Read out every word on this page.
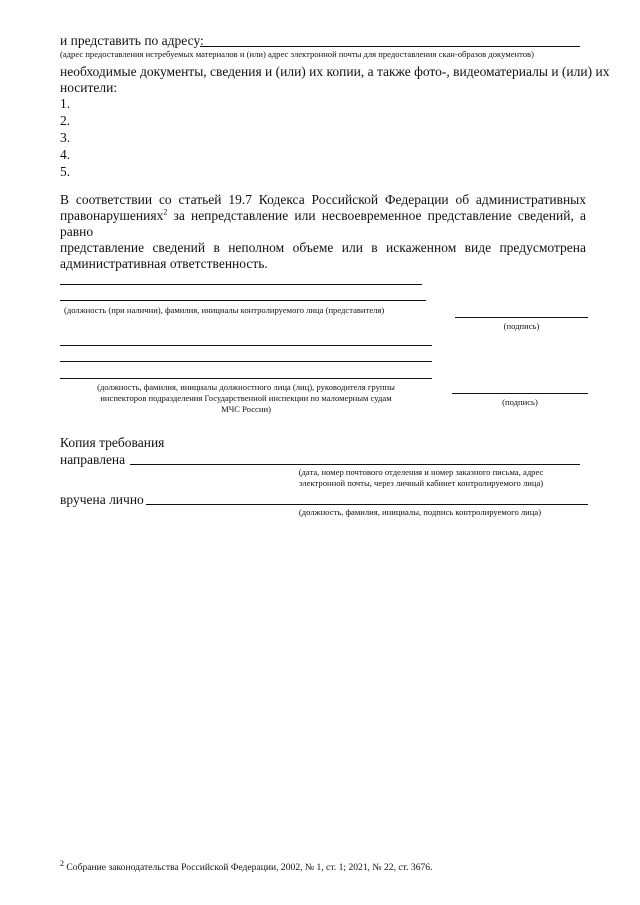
и представить по адресу:
(адрес предоставления истребуемых материалов и (или) адрес электронной почты для предоставления скан-образов документов)
необходимые документы, сведения и (или) их копии, а также фото-, видеоматериалы и (или) их
носители:
1.
2.
3.
4.
5.
В соответствии со статьей 19.7 Кодекса Российской Федерации об административных
правонарушениях$^2$ за непредставление или несвоевременное представление сведений, а равно
представление сведений в неполном объеме или в искаженном виде предусмотрена
административная ответственность.
(должность (при наличии), фамилия, инициалы контролируемого лица (представителя)
(подпись)
(должность, фамилия, инициалы должностного лица (лиц), руководителя группы
инспекторов подразделения Государственной инспекции по маломерным судам
МЧС России)
(подпись)
Копия требования
направлена
(дата, номер почтового отделения и номер заказного письма, адрес
электронной почты, через личный кабинет контролируемого лица)
вручена лично
(должность, фамилия, инициалы, подпись контролируемого лица)
$^2$ Собрание законодательства Российской Федерации, 2002, № 1, ст. 1; 2021, № 22, ст. 3676.
